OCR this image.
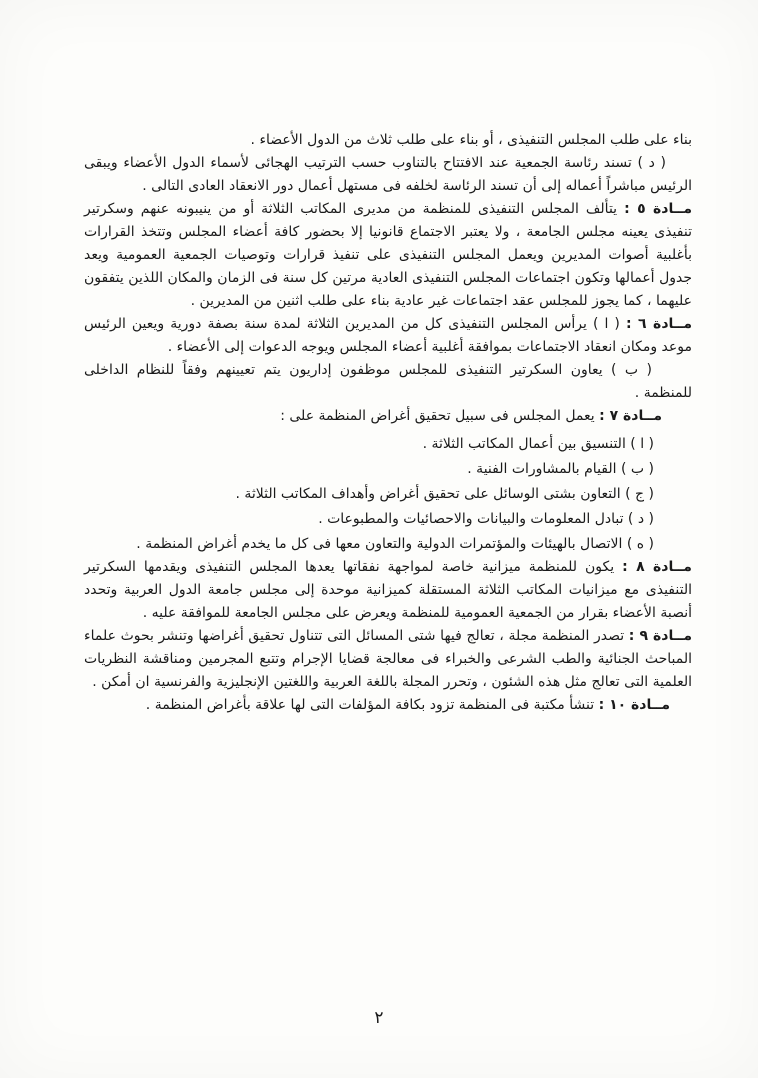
بناء على طلب المجلس التنفيذى ، أو بناء على طلب ثلاث من الدول الأعضاء .

( د ) تسند رئاسة الجمعية عند الافتتاح بالتناوب حسب الترتيب الهجائى لأسماء الدول الأعضاء ويبقى الرئيس مباشراً أعماله إلى أن تسند الرئاسة لخلفه فى مستهل أعمال دور الانعقاد العادى التالى .

مــادة ٥ : يتألف المجلس التنفيذى للمنظمة من مديرى المكاتب الثلاثة أو من ينيبونه عنهم وسكرتير تنفيذى يعينه مجلس الجامعة ، ولا يعتبر الاجتماع قانونيا إلا بحضور كافة أعضاء المجلس وتتخذ القرارات بأغلبية أصوات المديرين ويعمل المجلس التنفيذى على تنفيذ قرارات وتوصيات الجمعية العمومية ويعد جدول أعمالها وتكون اجتماعات المجلس التنفيذى العادية مرتين كل سنة فى الزمان والمكان اللذين يتفقون عليهما ، كما يجوز للمجلس عقد اجتماعات غير عادية بناء على طلب اثنين من المديرين .

مــادة ٦ : ( ا ) يرأس المجلس التنفيذى كل من المديرين الثلاثة لمدة سنة بصفة دورية ويعين الرئيس موعد ومكان انعقاد الاجتماعات بموافقة أغلبية أعضاء المجلس ويوجه الدعوات إلى الأعضاء .

( ب ) يعاون السكرتير التنفيذى للمجلس موظفون إداريون يتم تعيينهم وفقاً للنظام الداخلى للمنظمة .

مــادة ٧ : يعمل المجلس فى سبيل تحقيق أغراض المنظمة على :

( ا ) التنسيق بين أعمال المكاتب الثلاثة .

( ب ) القيام بالمشاورات الفنية .

( ج ) التعاون بشتى الوسائل على تحقيق أغراض وأهداف المكاتب الثلاثة .

( د ) تبادل المعلومات والبيانات والاحصائيات والمطبوعات .

( ه ) الاتصال بالهيئات والمؤتمرات الدولية والتعاون معها فى كل ما يخدم أغراض المنظمة .

مــادة ٨ : يكون للمنظمة ميزانية خاصة لمواجهة نفقاتها يعدها المجلس التنفيذى ويقدمها السكرتير التنفيذى مع ميزانيات المكاتب الثلاثة المستقلة كميزانية موحدة إلى مجلس جامعة الدول العربية وتحدد أنصبة الأعضاء بقرار من الجمعية العمومية للمنظمة ويعرض على مجلس الجامعة للموافقة عليه .

مــادة ٩ : تصدر المنظمة مجلة ، تعالج فيها شتى المسائل التى تتناول تحقيق أغراضها وتنشر بحوث علماء المباحث الجنائية والطب الشرعى والخبراء فى معالجة قضايا الإجرام وتتبع المجرمين ومناقشة النظريات العلمية التى تعالج مثل هذه الشئون ، وتحرر المجلة باللغة العربية واللغتين الإنجليزية والفرنسية ان أمكن .

مــادة ١٠ : تنشأ مكتبة فى المنظمة تزود بكافة المؤلفات التى لها علاقة بأغراض المنظمة .

٢
